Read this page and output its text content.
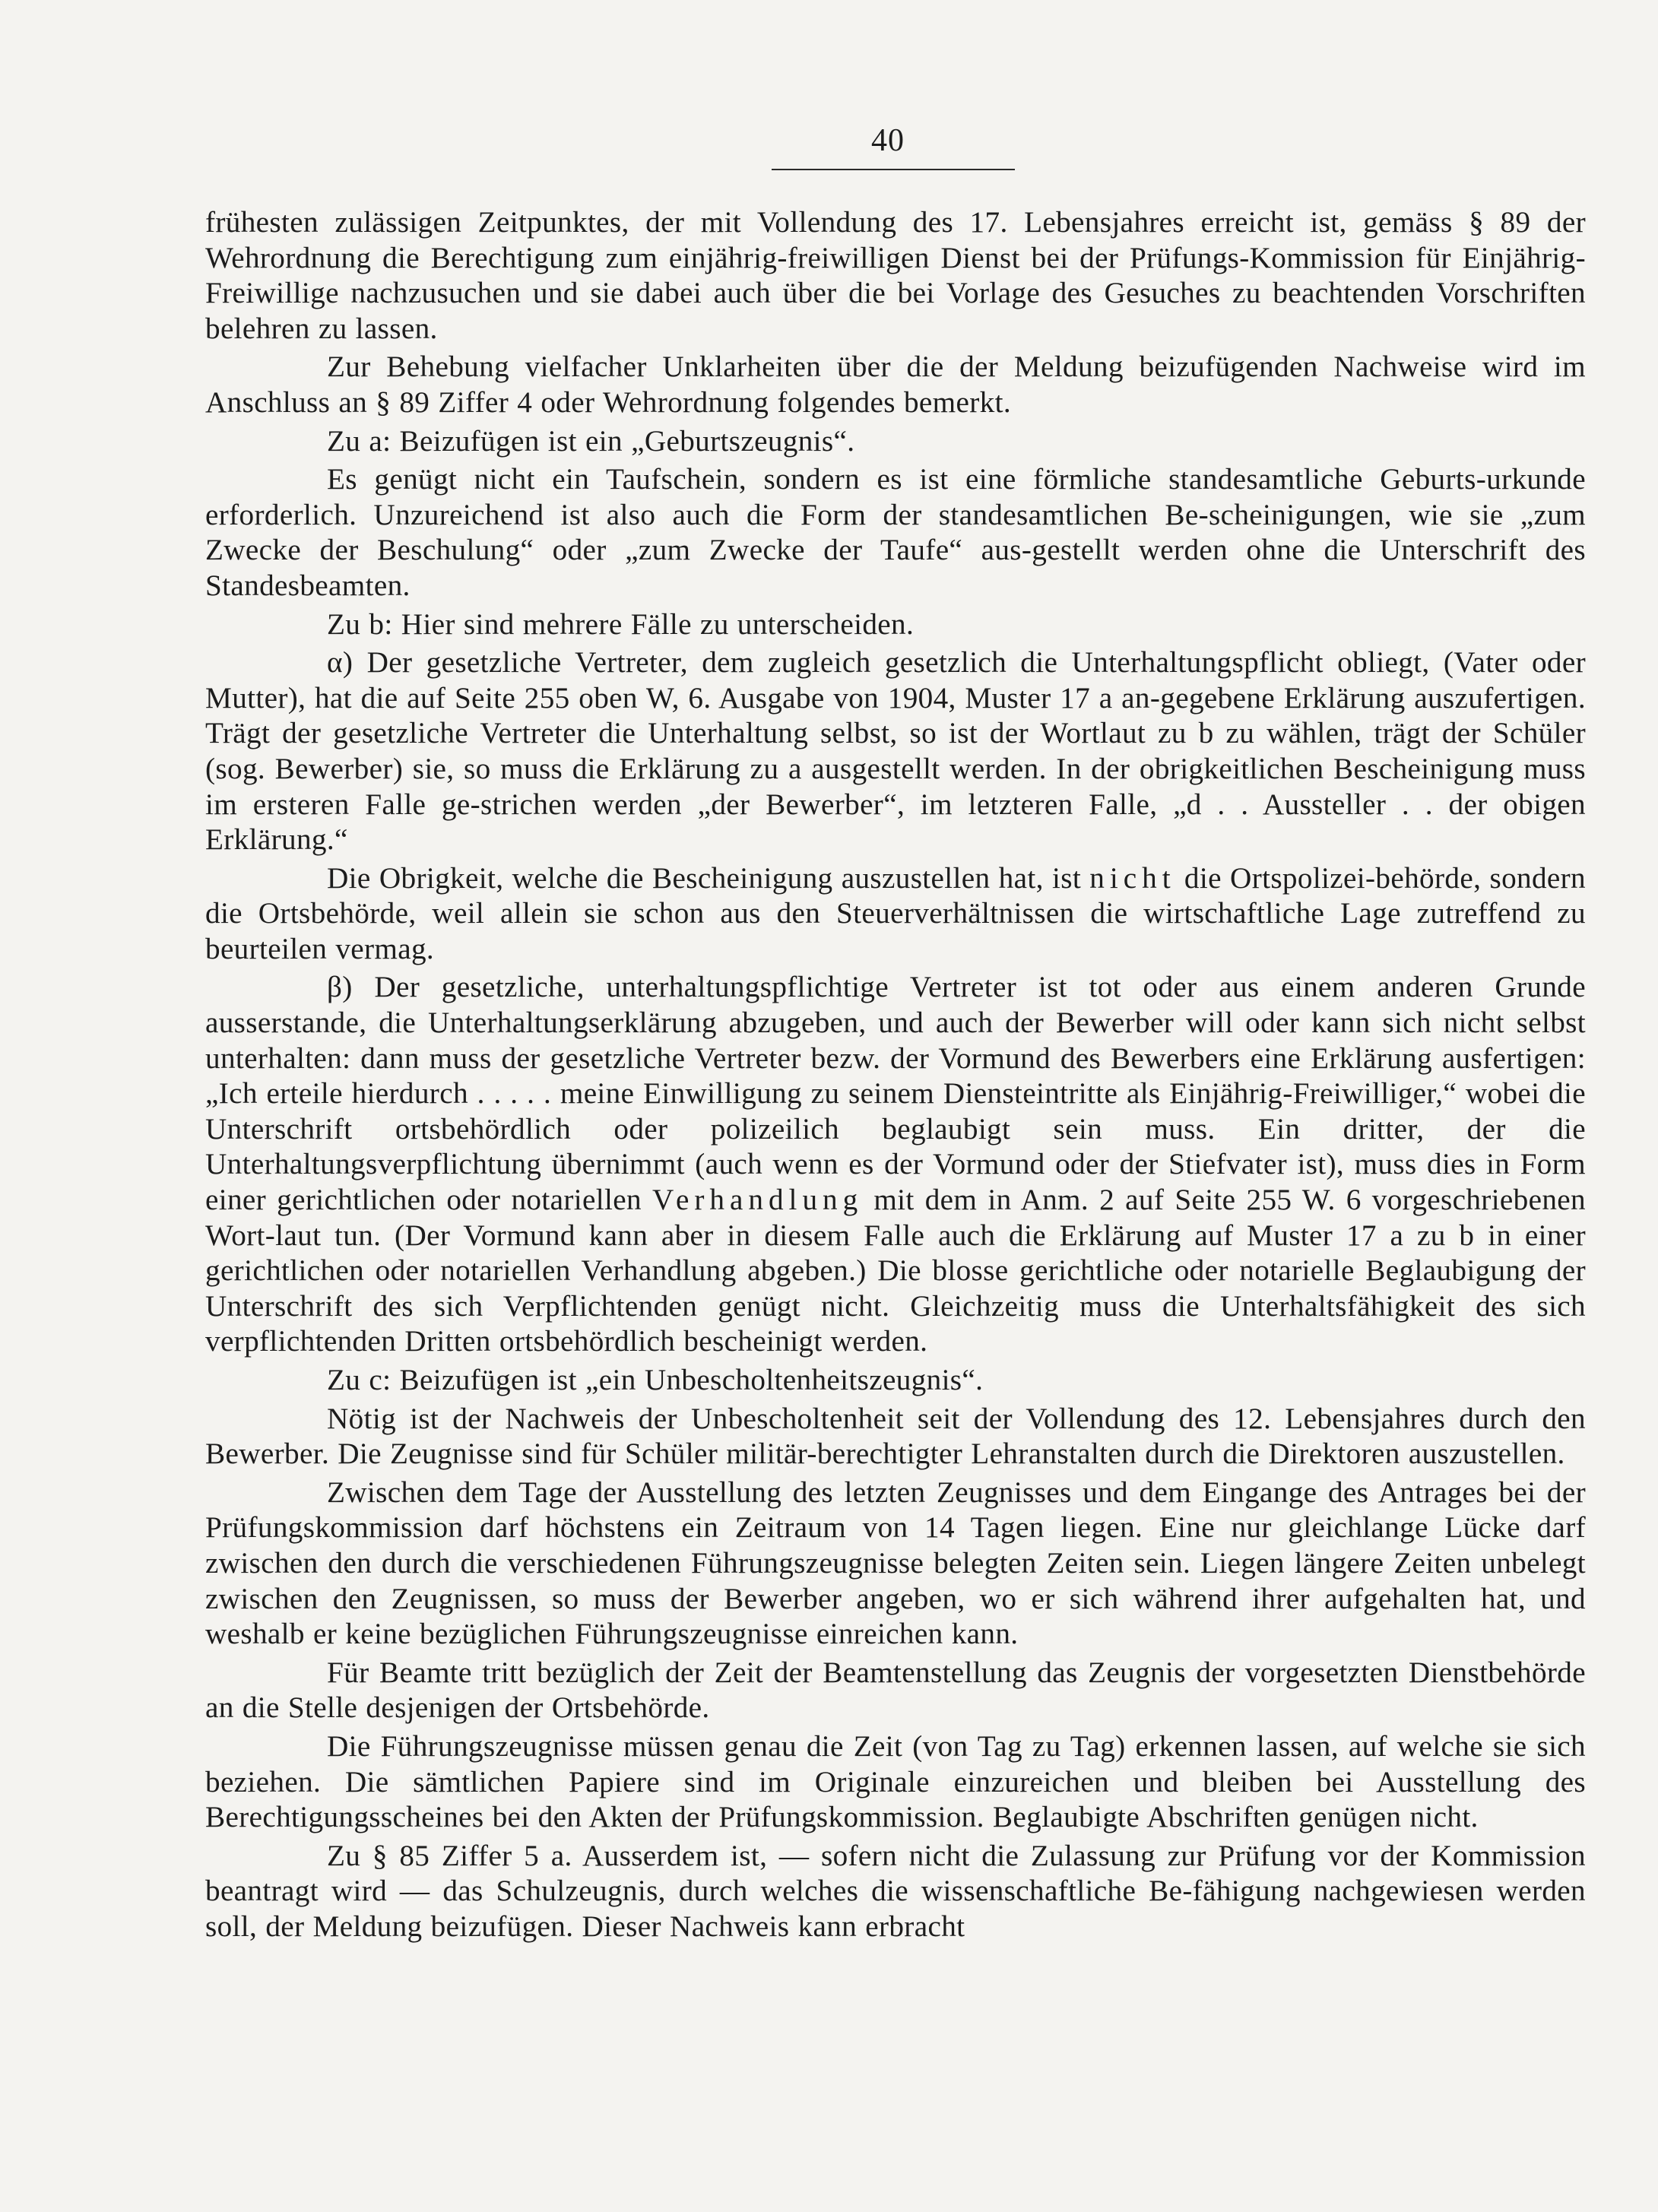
40

frühesten zulässigen Zeitpunktes, der mit Vollendung des 17. Lebensjahres erreicht ist, gemäss § 89 der Wehrordnung die Berechtigung zum einjährig-freiwilligen Dienst bei der Prüfungs-Kommission für Einjährig-Freiwillige nachzusuchen und sie dabei auch über die bei Vorlage des Gesuches zu beachtenden Vorschriften belehren zu lassen.

Zur Behebung vielfacher Unklarheiten über die der Meldung beizufügenden Nachweise wird im Anschluss an § 89 Ziffer 4 oder Wehrordnung folgendes bemerkt.

Zu a: Beizufügen ist ein „Geburtszeugnis“.

Es genügt nicht ein Taufschein, sondern es ist eine förmliche standesamtliche Geburts-urkunde erforderlich. Unzureichend ist also auch die Form der standesamtlichen Be-scheinigungen, wie sie „zum Zwecke der Beschulung“ oder „zum Zwecke der Taufe“ aus-gestellt werden ohne die Unterschrift des Standesbeamten.

Zu b: Hier sind mehrere Fälle zu unterscheiden.

α) Der gesetzliche Vertreter, dem zugleich gesetzlich die Unterhaltungspflicht obliegt, (Vater oder Mutter), hat die auf Seite 255 oben W, 6. Ausgabe von 1904, Muster 17 a an-gegebene Erklärung auszufertigen. Trägt der gesetzliche Vertreter die Unterhaltung selbst, so ist der Wortlaut zu b zu wählen, trägt der Schüler (sog. Bewerber) sie, so muss die Erklärung zu a ausgestellt werden. In der obrigkeitlichen Bescheinigung muss im ersteren Falle ge-strichen werden „der Bewerber“, im letzteren Falle, „d . . Aussteller . . der obigen Erklärung.“

Die Obrigkeit, welche die Bescheinigung auszustellen hat, ist nicht die Ortspolizei-behörde, sondern die Ortsbehörde, weil allein sie schon aus den Steuerverhältnissen die wirtschaftliche Lage zutreffend zu beurteilen vermag.

β) Der gesetzliche, unterhaltungspflichtige Vertreter ist tot oder aus einem anderen Grunde ausserstande, die Unterhaltungserklärung abzugeben, und auch der Bewerber will oder kann sich nicht selbst unterhalten: dann muss der gesetzliche Vertreter bezw. der Vormund des Bewerbers eine Erklärung ausfertigen: „Ich erteile hierdurch . . . . . meine Einwilligung zu seinem Diensteintritte als Einjährig-Freiwilliger,“ wobei die Unterschrift ortsbehördlich oder polizeilich beglaubigt sein muss. Ein dritter, der die Unterhaltungsverpflichtung übernimmt (auch wenn es der Vormund oder der Stiefvater ist), muss dies in Form einer gerichtlichen oder notariellen Verhandlung mit dem in Anm. 2 auf Seite 255 W. 6 vorgeschriebenen Wort-laut tun. (Der Vormund kann aber in diesem Falle auch die Erklärung auf Muster 17 a zu b in einer gerichtlichen oder notariellen Verhandlung abgeben.) Die blosse gerichtliche oder notarielle Beglaubigung der Unterschrift des sich Verpflichtenden genügt nicht. Gleichzeitig muss die Unterhaltsfähigkeit des sich verpflichtenden Dritten ortsbehördlich bescheinigt werden.

Zu c: Beizufügen ist „ein Unbescholtenheitszeugnis“.

Nötig ist der Nachweis der Unbescholtenheit seit der Vollendung des 12. Lebensjahres durch den Bewerber. Die Zeugnisse sind für Schüler militär-berechtigter Lehranstalten durch die Direktoren auszustellen.

Zwischen dem Tage der Ausstellung des letzten Zeugnisses und dem Eingange des Antrages bei der Prüfungskommission darf höchstens ein Zeitraum von 14 Tagen liegen. Eine nur gleichlange Lücke darf zwischen den durch die verschiedenen Führungszeugnisse belegten Zeiten sein. Liegen längere Zeiten unbelegt zwischen den Zeugnissen, so muss der Bewerber angeben, wo er sich während ihrer aufgehalten hat, und weshalb er keine bezüglichen Führungszeugnisse einreichen kann.

Für Beamte tritt bezüglich der Zeit der Beamtenstellung das Zeugnis der vorgesetzten Dienstbehörde an die Stelle desjenigen der Ortsbehörde.

Die Führungszeugnisse müssen genau die Zeit (von Tag zu Tag) erkennen lassen, auf welche sie sich beziehen. Die sämtlichen Papiere sind im Originale einzureichen und bleiben bei Ausstellung des Berechtigungsscheines bei den Akten der Prüfungskommission. Beglaubigte Abschriften genügen nicht.

Zu § 85 Ziffer 5 a. Ausserdem ist, — sofern nicht die Zulassung zur Prüfung vor der Kommission beantragt wird — das Schulzeugnis, durch welches die wissenschaftliche Be-fähigung nachgewiesen werden soll, der Meldung beizufügen. Dieser Nachweis kann erbracht
